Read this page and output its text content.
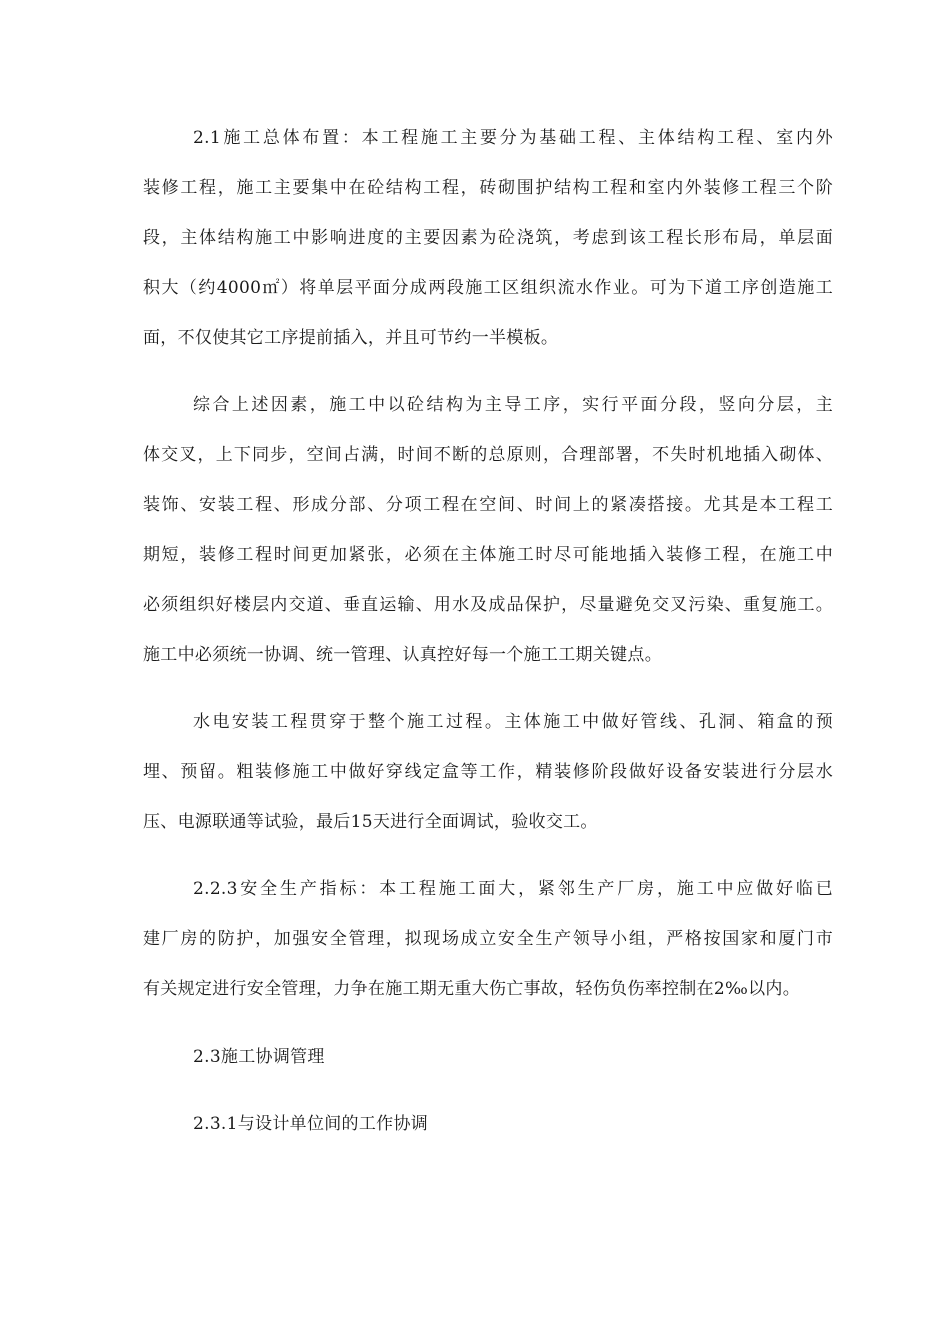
2.1施工总体布置：本工程施工主要分为基础工程、主体结构工程、室内外
装修工程，施工主要集中在砼结构工程，砖砌围护结构工程和室内外装修工程三个阶
段，主体结构施工中影响进度的主要因素为砼浇筑，考虑到该工程长形布局，单层面
积大（约4000㎡）将单层平面分成两段施工区组织流水作业。可为下道工序创造施工
面，不仅使其它工序提前插入，并且可节约一半模板。
综合上述因素，施工中以砼结构为主导工序，实行平面分段，竖向分层，主
体交叉，上下同步，空间占满，时间不断的总原则，合理部署，不失时机地插入砌体、
装饰、安装工程、形成分部、分项工程在空间、时间上的紧凑搭接。尤其是本工程工
期短，装修工程时间更加紧张，必须在主体施工时尽可能地插入装修工程，在施工中
必须组织好楼层内交道、垂直运输、用水及成品保护，尽量避免交叉污染、重复施工。
施工中必须统一协调、统一管理、认真控好每一个施工工期关键点。
水电安装工程贯穿于整个施工过程。主体施工中做好管线、孔洞、箱盒的预
埋、预留。粗装修施工中做好穿线定盒等工作，精装修阶段做好设备安装进行分层水
压、电源联通等试验，最后15天进行全面调试，验收交工。
2.2.3安全生产指标：本工程施工面大，紧邻生产厂房，施工中应做好临已
建厂房的防护，加强安全管理，拟现场成立安全生产领导小组，严格按国家和厦门市
有关规定进行安全管理，力争在施工期无重大伤亡事故，轻伤负伤率控制在2‰以内。
2.3施工协调管理
2.3.1与设计单位间的工作协调
